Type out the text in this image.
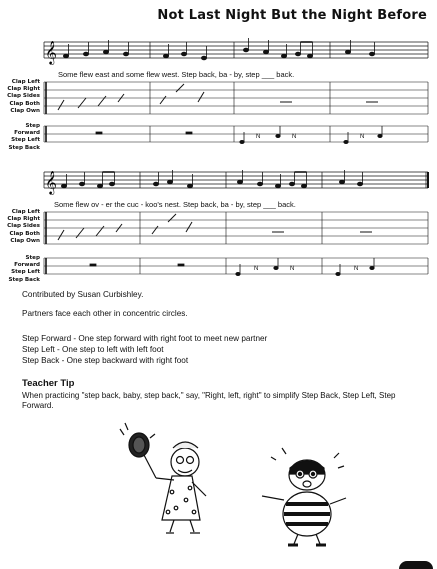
Not Last Night But the Night Before
𝄞
N	N	N
Some flew east and some flew west. Step back, ba - by, step ___ back.
Clap Left
Clap Right
Clap Sides
Clap Both
Clap Own
Step Forward
Step Left
Step Back
𝄞
N	N	N
Some flew ov - er the cuc - koo's nest. Step back, ba - by, step ___ back.
Clap Left
Clap Right
Clap Sides
Clap Both
Clap Own
Step Forward
Step Left
Step Back
Contributed by Susan Curbishley.
Partners face each other in concentric circles.
Step Forward - One step forward with right foot to meet new partner
Step Left - One step to left with left foot
Step Back - One step backward with right foot
Teacher Tip
When practicing "step back, baby, step back," say, "Right, left, right" to simplify Step Back, Step Left, Step Forward.
